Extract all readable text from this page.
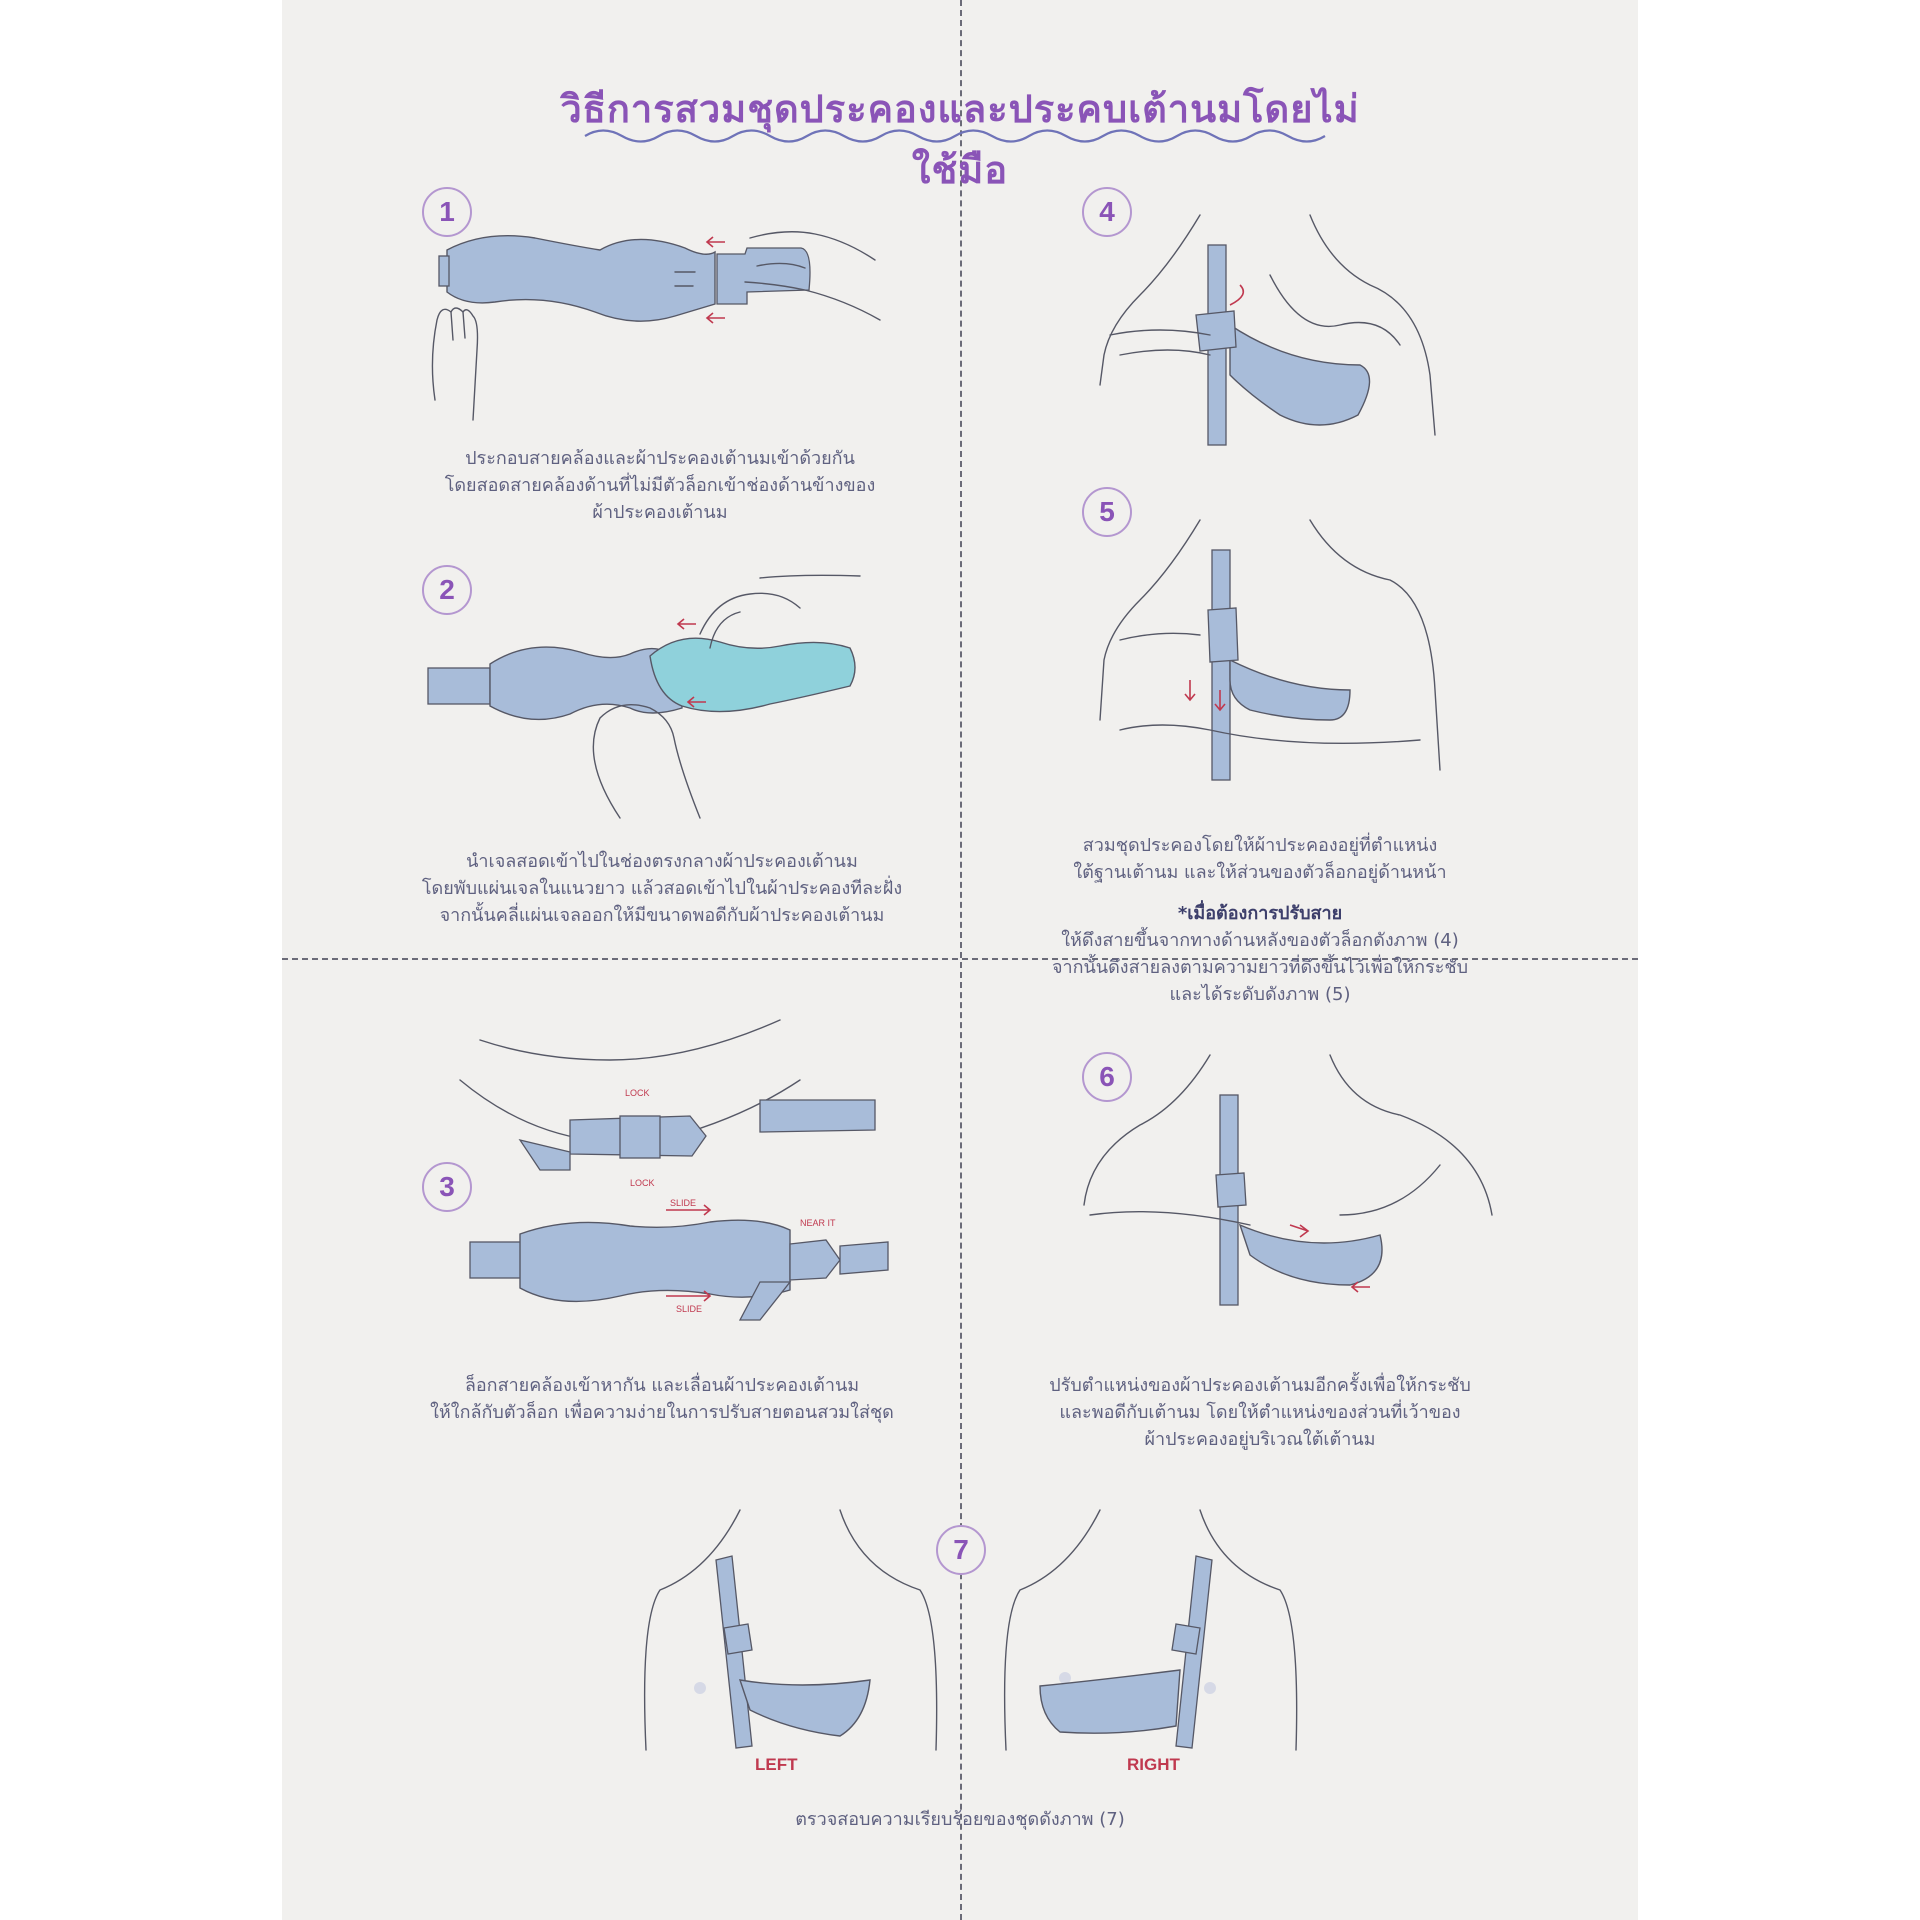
วิธีการสวมชุดประคองและประคบเต้านมโดยไม่ใช้มือ
1
ประกอบสายคล้องและผ้าประคองเต้านมเข้าด้วยกัน
โดยสอดสายคล้องด้านที่ไม่มีตัวล็อกเข้าช่องด้านข้างของ
ผ้าประคองเต้านม
2
นำเจลสอดเข้าไปในช่องตรงกลางผ้าประคองเต้านม
โดยพับแผ่นเจลในแนวยาว แล้วสอดเข้าไปในผ้าประคองทีละฝั่ง
จากนั้นคลี่แผ่นเจลออกให้มีขนาดพอดีกับผ้าประคองเต้านม
4
5
สวมชุดประคองโดยให้ผ้าประคองอยู่ที่ตำแหน่ง
ใต้ฐานเต้านม และให้ส่วนของตัวล็อกอยู่ด้านหน้า
*เมื่อต้องการปรับสาย
ให้ดึงสายขึ้นจากทางด้านหลังของตัวล็อกดังภาพ (4)
จากนั้นดึงสายลงตามความยาวที่ดึงขึ้นไว้เพื่อให้กระชับ
และได้ระดับดังภาพ (5)
3
LOCK
LOCK
SLIDE
SLIDE
NEAR IT
ล็อกสายคล้องเข้าหากัน และเลื่อนผ้าประคองเต้านม
ให้ใกล้กับตัวล็อก เพื่อความง่ายในการปรับสายตอนสวมใส่ชุด
6
ปรับตำแหน่งของผ้าประคองเต้านมอีกครั้งเพื่อให้กระชับ
และพอดีกับเต้านม โดยให้ตำแหน่งของส่วนที่เว้าของ
ผ้าประคองอยู่บริเวณใต้เต้านม
7
LEFT	RIGHT
ตรวจสอบความเรียบร้อยของชุดดังภาพ (7)
